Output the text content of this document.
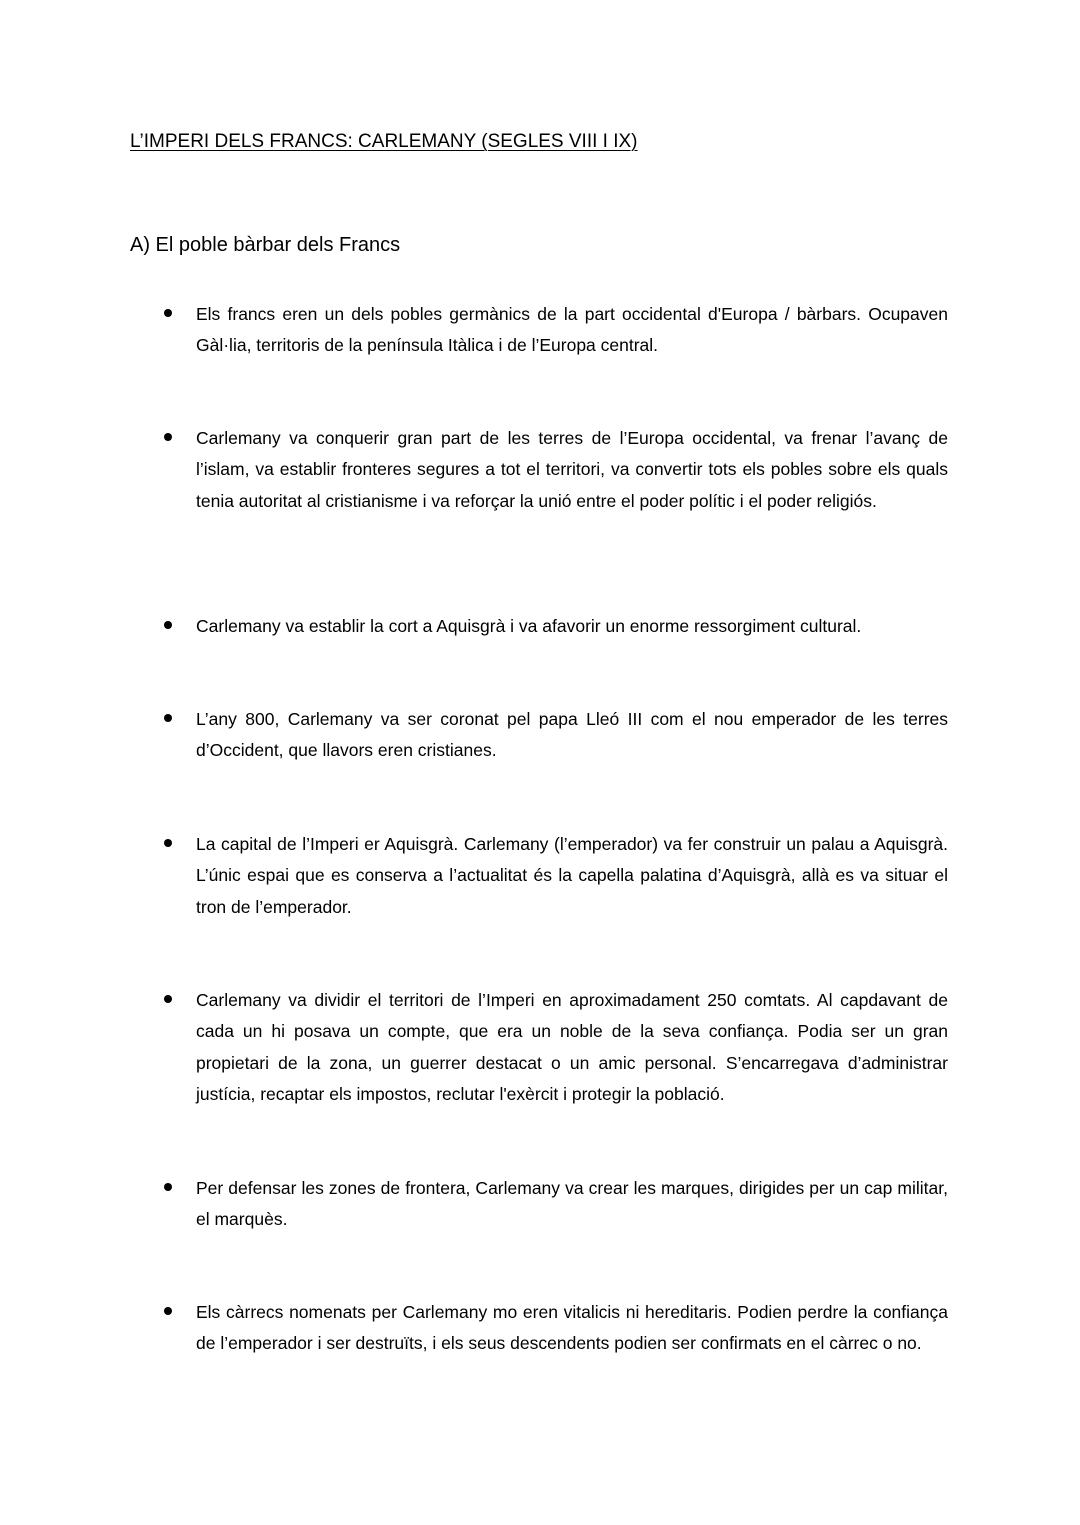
L’IMPERI DELS FRANCS: CARLEMANY (SEGLES VIII I IX)
A) El poble bàrbar dels Francs
Els francs eren un dels pobles germànics de la part occidental d'Europa / bàrbars. Ocupaven Gàl·lia, territoris de la península Itàlica i de l’Europa central.
Carlemany va conquerir gran part de les terres de l’Europa occidental, va frenar l’avanç de l’islam, va establir fronteres segures a tot el territori, va convertir tots els pobles sobre els quals tenia autoritat al cristianisme i va reforçar la unió entre el poder polític i el poder religiós.
Carlemany va establir la cort a Aquisgrà i va afavorir un enorme ressorgiment cultural.
L’any 800, Carlemany va ser coronat pel papa Lleó III com el nou emperador de les terres d’Occident, que llavors eren cristianes.
La capital de l’Imperi er Aquisgrà. Carlemany (l’emperador) va fer construir un palau a Aquisgrà. L’únic espai que es conserva a l’actualitat és la capella palatina d’Aquisgrà, allà es va situar el tron de l’emperador.
Carlemany va dividir el territori de l’Imperi en aproximadament 250 comtats. Al capdavant de cada un hi posava un compte, que era un noble de la seva confiança. Podia ser un gran propietari de la zona, un guerrer destacat o un amic personal. S’encarregava d’administrar justícia, recaptar els impostos, reclutar l'exèrcit i protegir la població.
Per defensar les zones de frontera, Carlemany va crear les marques, dirigides per un cap militar, el marquès.
Els càrrecs nomenats per Carlemany mo eren vitalicis ni hereditaris. Podien perdre la confiança de l’emperador i ser destruïts, i els seus descendents podien ser confirmats en el càrrec o no.
